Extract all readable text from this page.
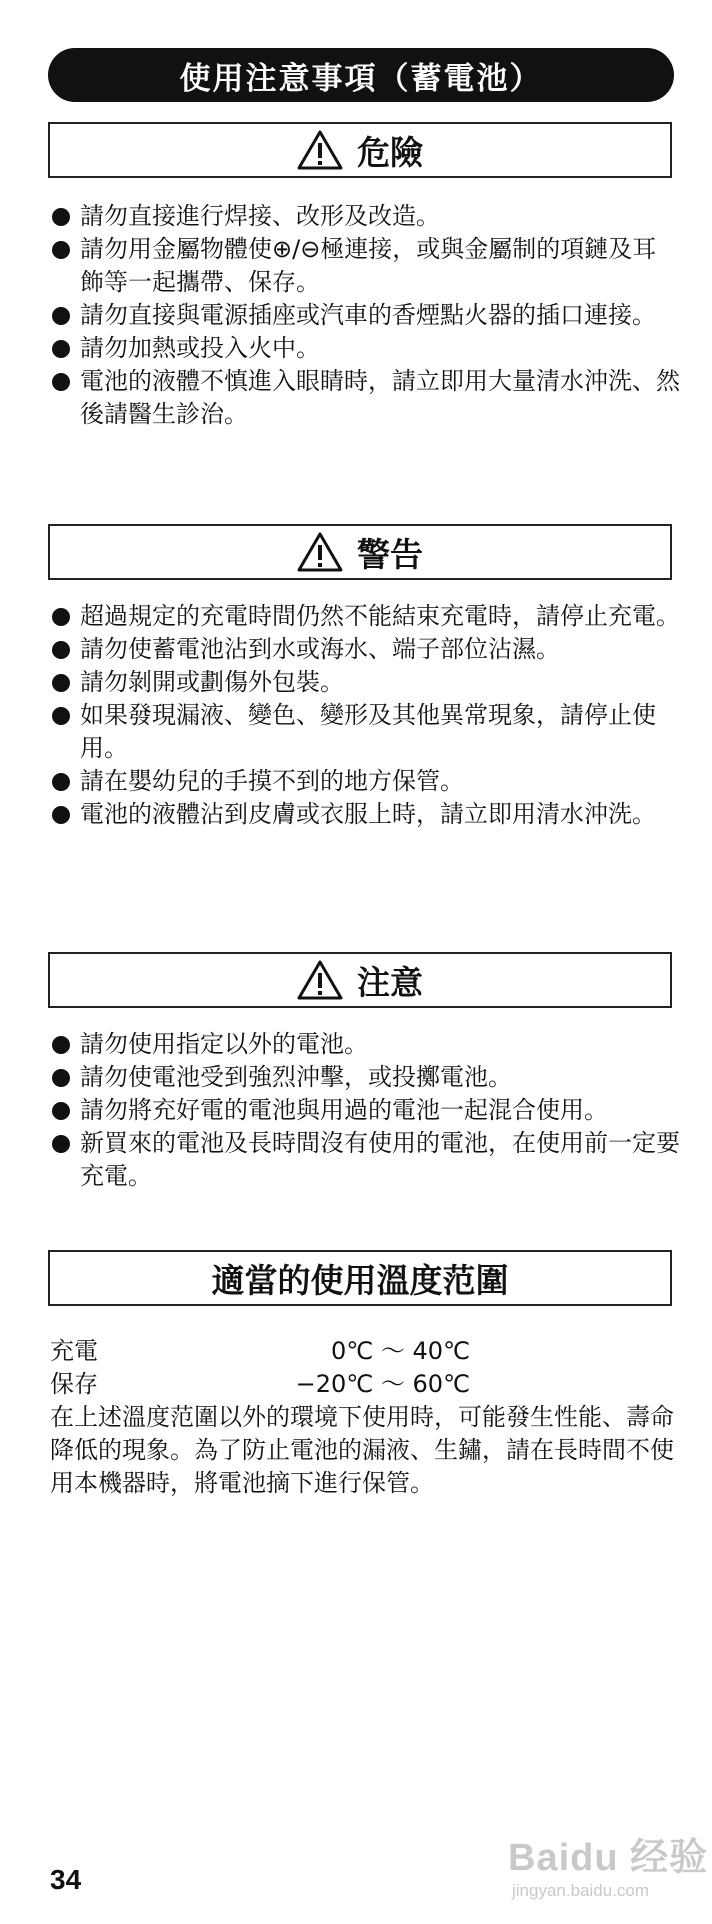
使用注意事項（蓄電池）
危險
請勿直接進行焊接、改形及改造。
請勿用金屬物體使⊕/⊖極連接，或與金屬制的項鏈及耳飾等一起攜帶、保存。
請勿直接與電源插座或汽車的香煙點火器的插口連接。
請勿加熱或投入火中。
電池的液體不慎進入眼睛時，請立即用大量清水沖洗、然後請醫生診治。
警告
超過規定的充電時間仍然不能結束充電時，請停止充電。
請勿使蓄電池沾到水或海水、端子部位沾濕。
請勿剝開或劃傷外包裝。
如果發現漏液、變色、變形及其他異常現象，請停止使用。
請在嬰幼兒的手摸不到的地方保管。
電池的液體沾到皮膚或衣服上時，請立即用清水沖洗。
注意
請勿使用指定以外的電池。
請勿使電池受到強烈沖擊，或投擲電池。
請勿將充好電的電池與用過的電池一起混合使用。
新買來的電池及長時間沒有使用的電池，在使用前一定要充電。
適當的使用溫度范圍
充電	0℃ ～ 40℃
保存	−20℃ ～ 60℃
在上述溫度范圍以外的環境下使用時，可能發生性能、壽命降低的現象。為了防止電池的漏液、生鏽，請在長時間不使用本機器時，將電池摘下進行保管。
34
Baidu 经验
jingyan.baidu.com
